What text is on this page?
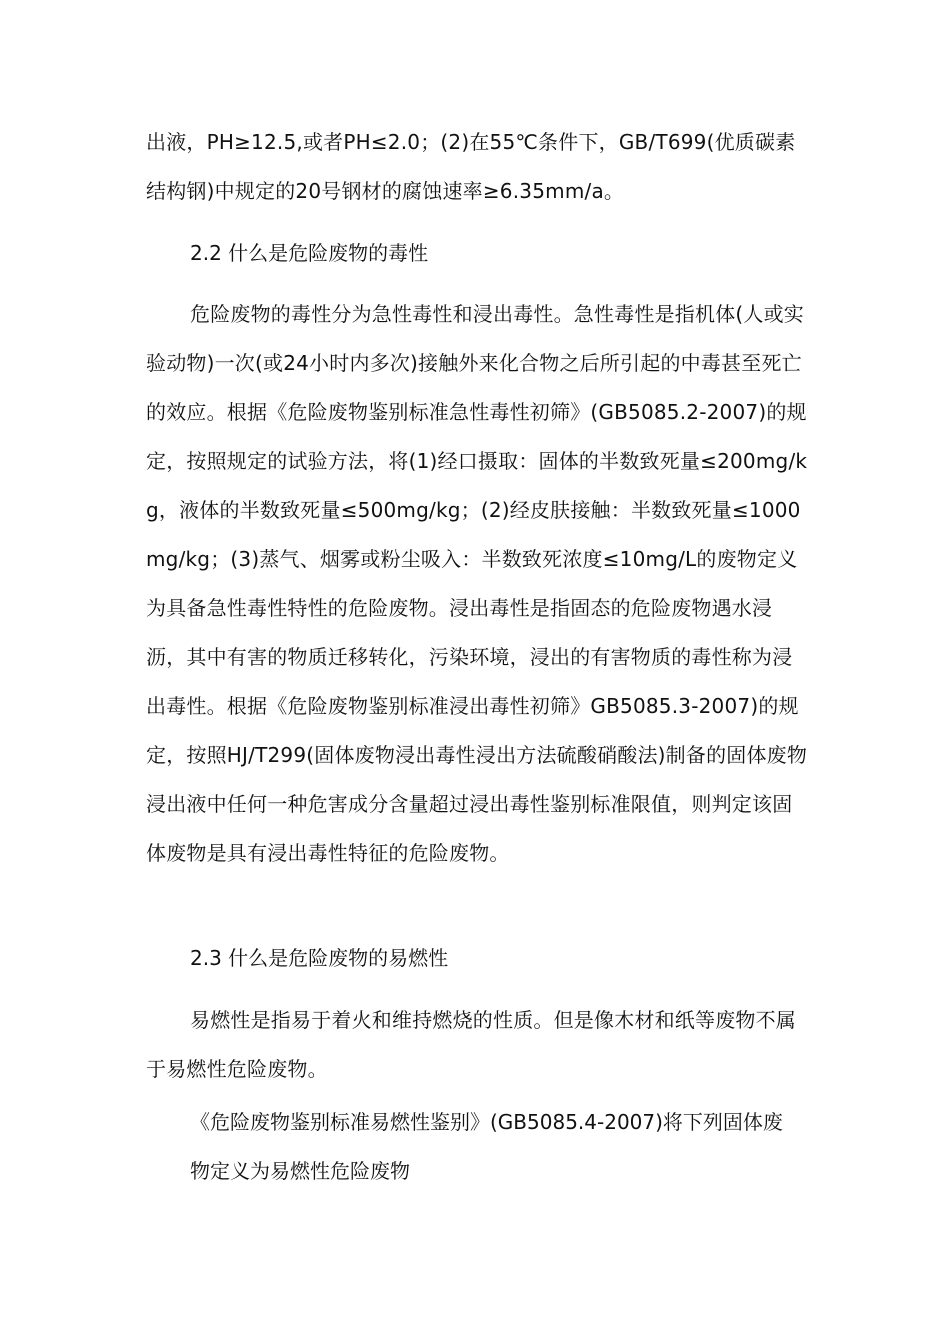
出液，PH≥12.5,或者PH≤2.0；(2)在55℃条件下，GB/T699(优质碳素结构钢)中规定的20号钢材的腐蚀速率≥6.35mm/a。
2.2 什么是危险废物的毒性
危险废物的毒性分为急性毒性和浸出毒性。急性毒性是指机体(人或实验动物)一次(或24小时内多次)接触外来化合物之后所引起的中毒甚至死亡的效应。根据《危险废物鉴别标准急性毒性初筛》(GB5085.2-2007)的规定，按照规定的试验方法，将(1)经口摄取：固体的半数致死量≤200mg/kg，液体的半数致死量≤500mg/kg；(2)经皮肤接触：半数致死量≤1000mg/kg；(3)蒸气、烟雾或粉尘吸入：半数致死浓度≤10mg/L的废物定义为具备急性毒性特性的危险废物。浸出毒性是指固态的危险废物遇水浸沥，其中有害的物质迁移转化，污染环境，浸出的有害物质的毒性称为浸出毒性。根据《危险废物鉴别标准浸出毒性初筛》GB5085.3-2007)的规定，按照HJ/T299(固体废物浸出毒性浸出方法硫酸硝酸法)制备的固体废物浸出液中任何一种危害成分含量超过浸出毒性鉴别标准限值，则判定该固体废物是具有浸出毒性特征的危险废物。
2.3 什么是危险废物的易燃性
易燃性是指易于着火和维持燃烧的性质。但是像木材和纸等废物不属于易燃性危险废物。
《危险废物鉴别标准易燃性鉴别》(GB5085.4-2007)将下列固体废
物定义为易燃性危险废物
